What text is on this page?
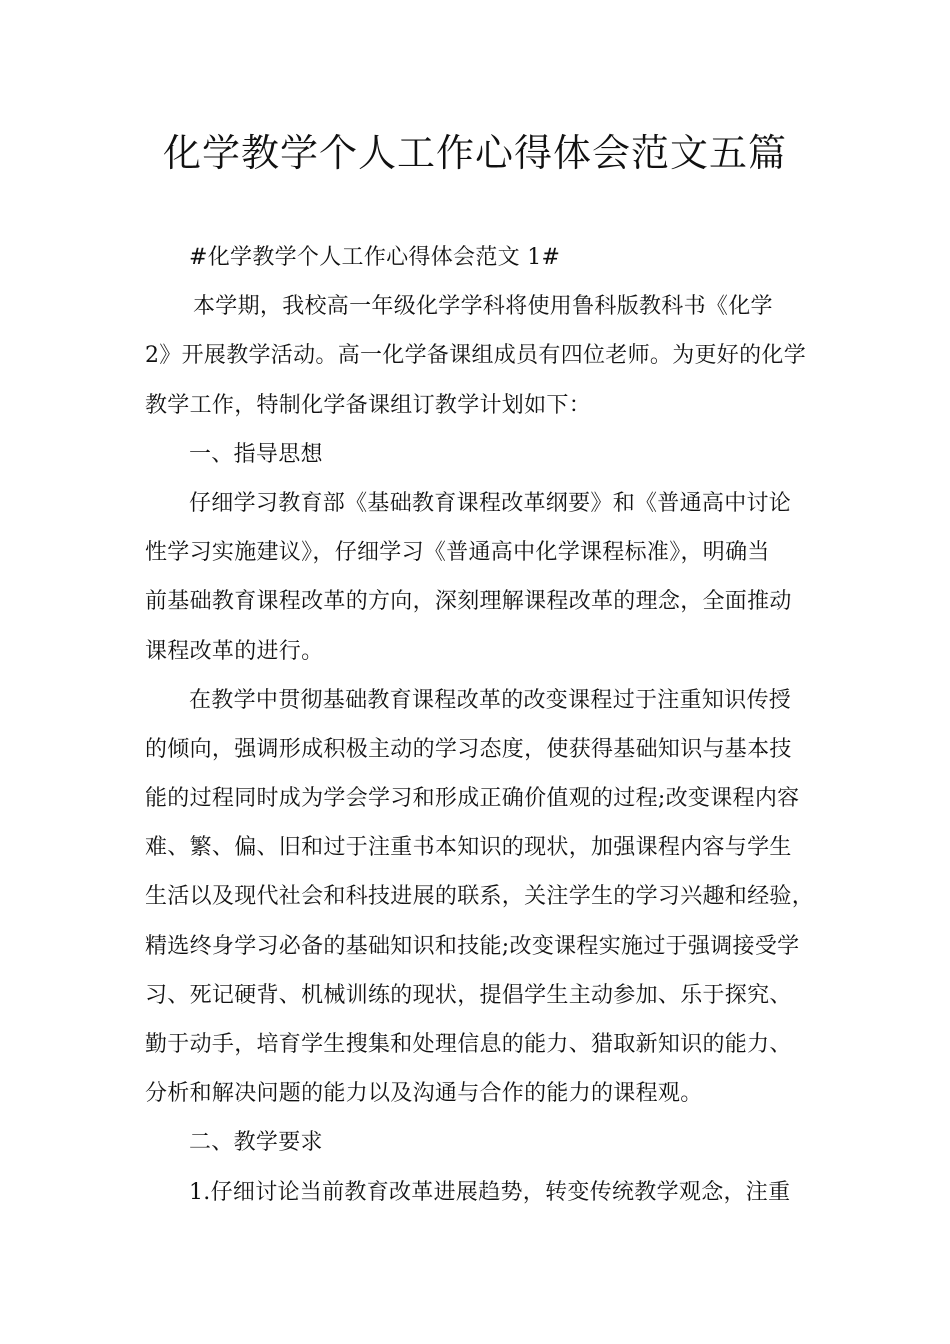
化学教学个人工作心得体会范文五篇
#化学教学个人工作心得体会范文 1#
本学期，我校高一年级化学学科将使用鲁科版教科书《化学
2》开展教学活动。高一化学备课组成员有四位老师。为更好的化学
教学工作，特制化学备课组订教学计划如下：
一、指导思想
仔细学习教育部《基础教育课程改革纲要》和《普通高中讨论
性学习实施建议》，仔细学习《普通高中化学课程标准》，明确当
前基础教育课程改革的方向，深刻理解课程改革的理念，全面推动
课程改革的进行。
在教学中贯彻基础教育课程改革的改变课程过于注重知识传授
的倾向，强调形成积极主动的学习态度，使获得基础知识与基本技
能的过程同时成为学会学习和形成正确价值观的过程;改变课程内容
难、繁、偏、旧和过于注重书本知识的现状，加强课程内容与学生
生活以及现代社会和科技进展的联系，关注学生的学习兴趣和经验，
精选终身学习必备的基础知识和技能;改变课程实施过于强调接受学
习、死记硬背、机械训练的现状，提倡学生主动参加、乐于探究、
勤于动手，培育学生搜集和处理信息的能力、猎取新知识的能力、
分析和解决问题的能力以及沟通与合作的能力的课程观。
二、教学要求
1.仔细讨论当前教育改革进展趋势，转变传统教学观念，注重
